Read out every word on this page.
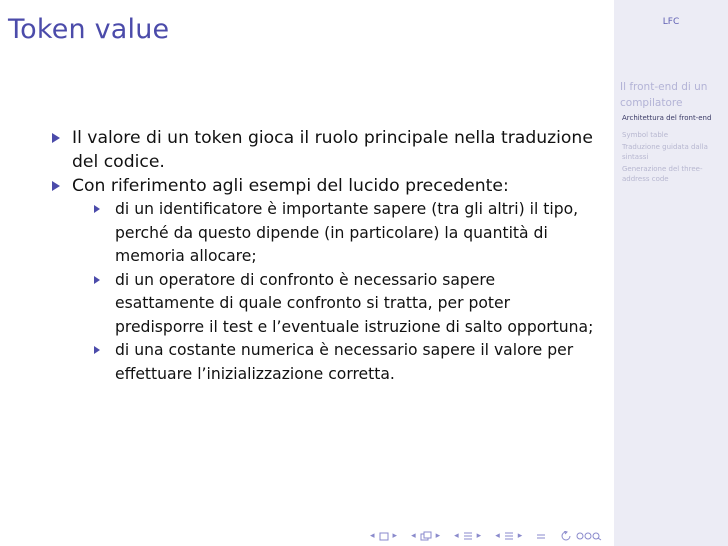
Token value	LFC
Il front-end di un compilatore
Architettura del front-end
Symbol table
Traduzione guidata dalla sintassi
Generazione del three-address code
Il valore di un token gioca il ruolo principale nella traduzione del codice.
Con riferimento agli esempi del lucido precedente:
di un identificatore è importante sapere (tra gli altri) il tipo, perché da questo dipende (in particolare) la quantità di memoria allocare;
di un operatore di confronto è necessario sapere esattamente di quale confronto si tratta, per poter predisporre il test e l’eventuale istruzione di salto opportuna;
di una costante numerica è necessario sapere il valore per effettuare l’inizializzazione corretta.
◂ ▸ ◂ ▸ ◂ ▸ ◂ ▸
